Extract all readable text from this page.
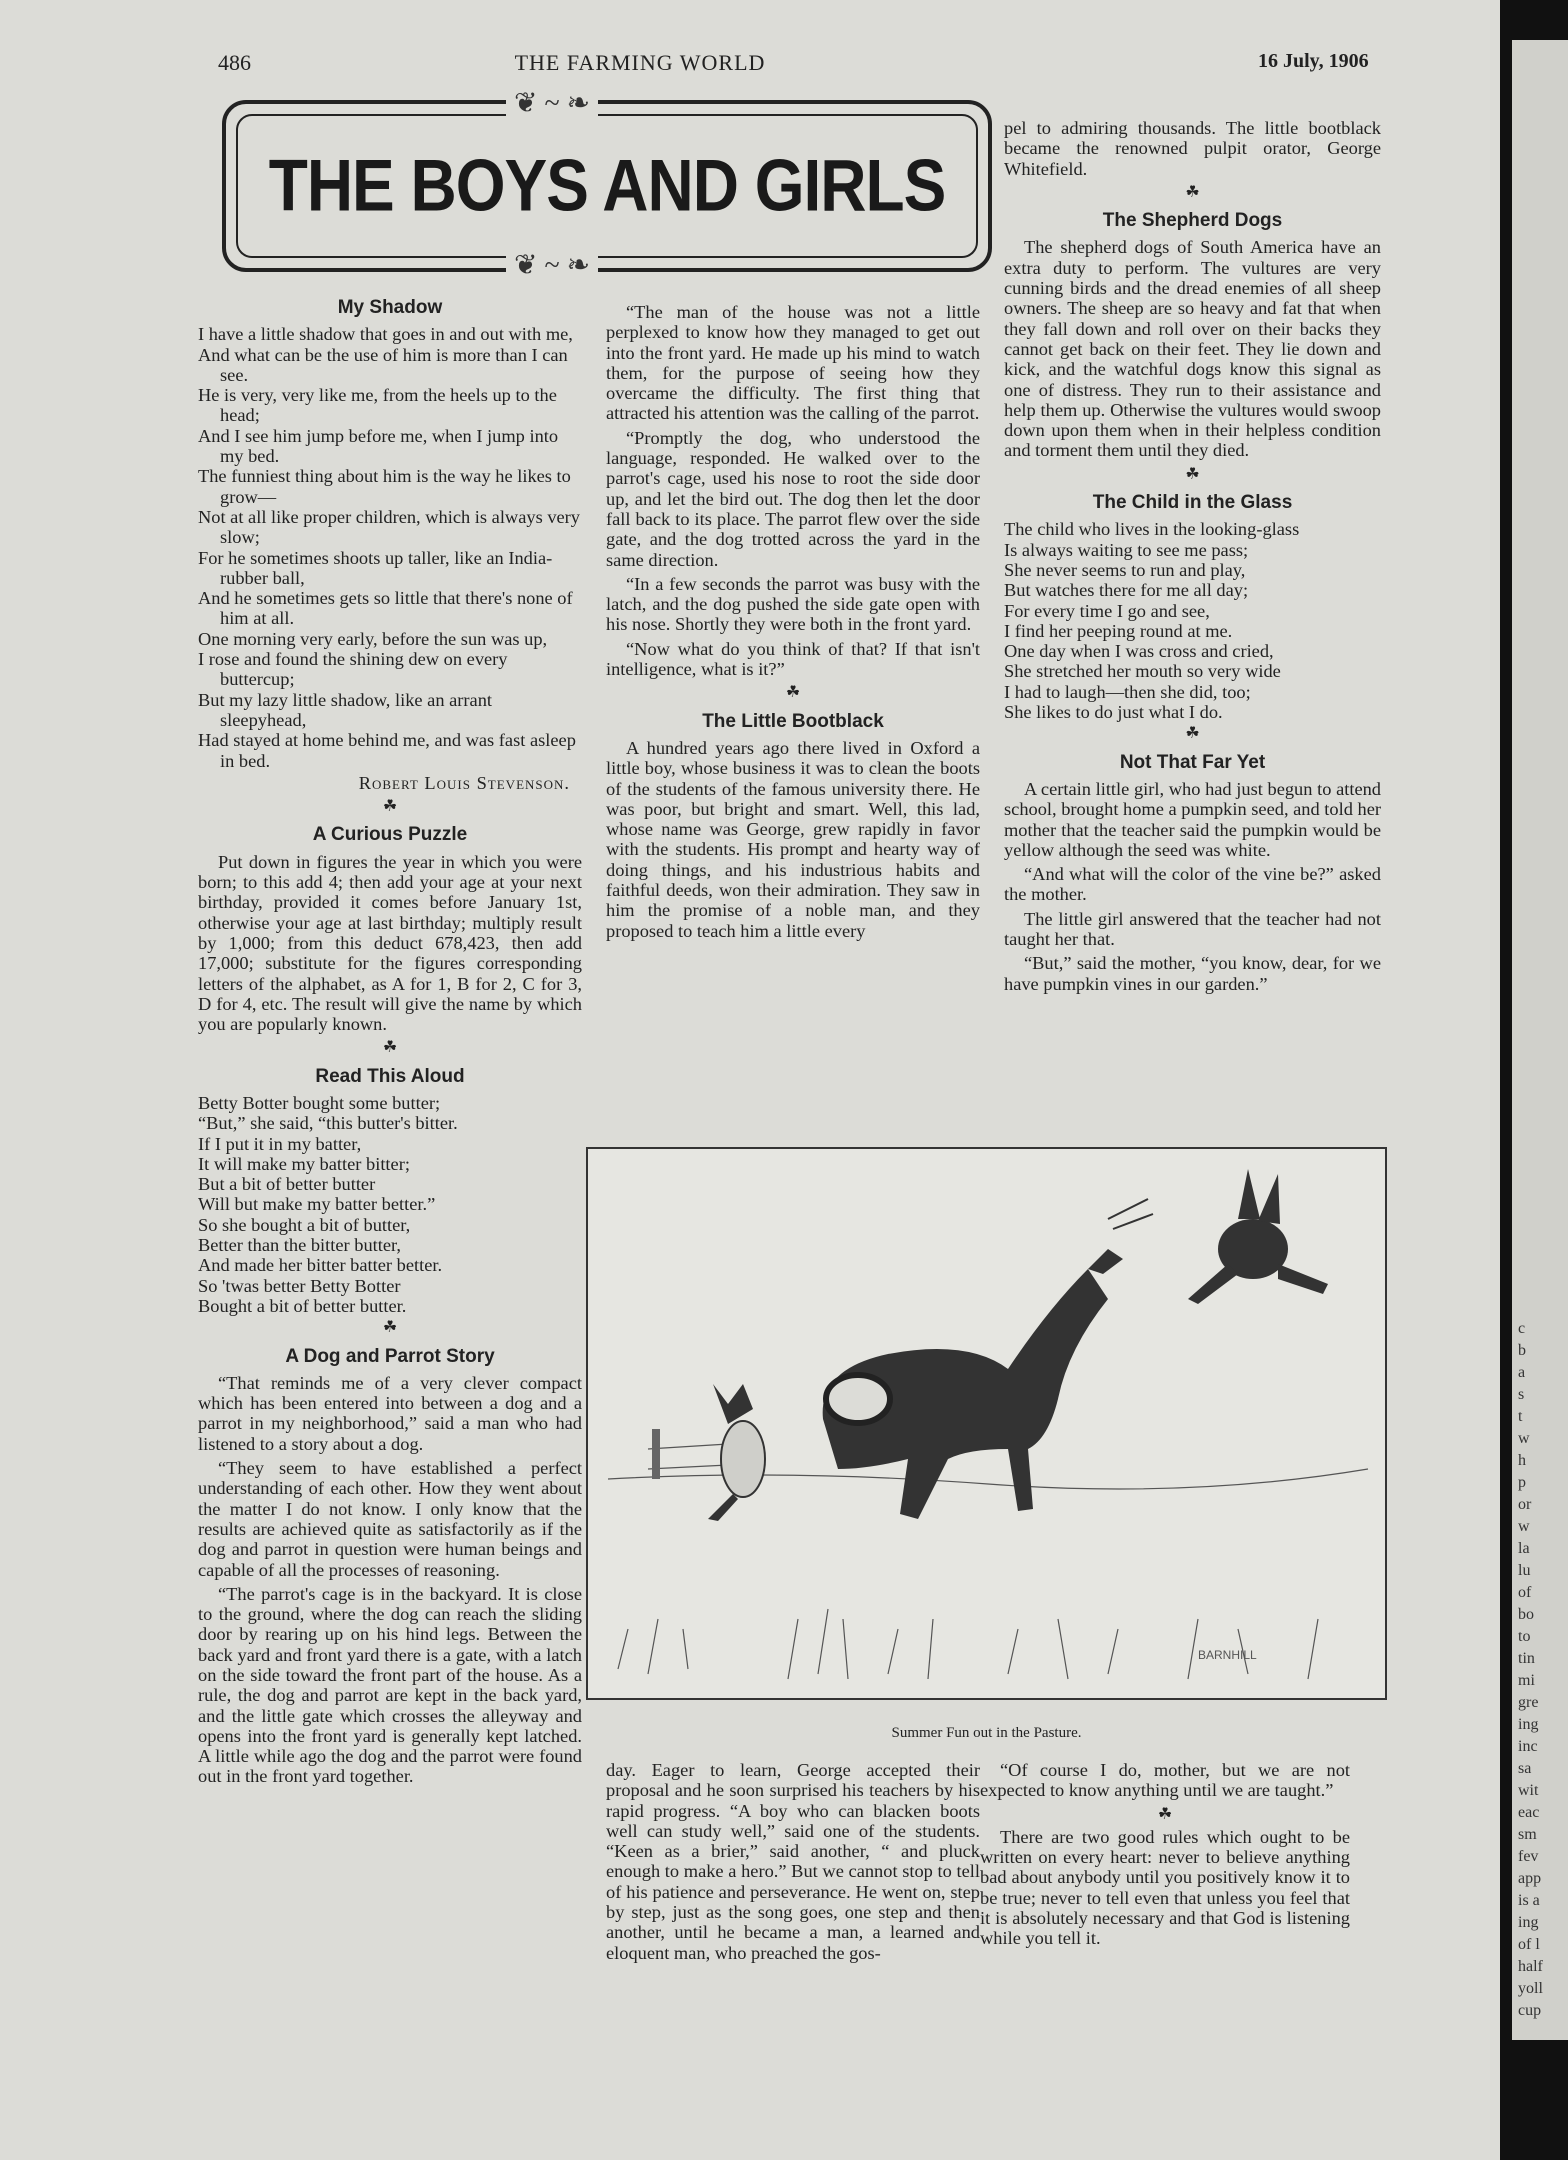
486	THE FARMING WORLD	16 July, 1906
THE BOYS AND GIRLS
❦ ~ ❧
❦ ~ ❧
My Shadow

I have a little shadow that goes in and out with me,

And what can be the use of him is more than I can see.

He is very, very like me, from the heels up to the head;

And I see him jump before me, when I jump into my bed.

The funniest thing about him is the way he likes to grow—

Not at all like proper children, which is always very slow;

For he sometimes shoots up taller, like an India-rubber ball,

And he sometimes gets so little that there's none of him at all.

One morning very early, before the sun was up,

I rose and found the shining dew on every buttercup;

But my lazy little shadow, like an arrant sleepyhead,

Had stayed at home behind me, and was fast asleep in bed.

Robert Louis Stevenson.
☘
A Curious Puzzle

Put down in figures the year in which you were born; to this add 4; then add your age at your next birthday, provided it comes before January 1st, otherwise your age at last birthday; multiply result by 1,000; from this deduct 678,423, then add 17,000; substitute for the figures corresponding letters of the alphabet, as A for 1, B for 2, C for 3, D for 4, etc. The result will give the name by which you are popularly known.

☘
Read This Aloud

Betty Botter bought some butter;

“But,” she said, “this butter's bitter.

If I put it in my batter,

It will make my batter bitter;

But a bit of better butter

Will but make my batter better.”

So she bought a bit of butter,

Better than the bitter butter,

And made her bitter batter better.

So 'twas better Betty Botter

Bought a bit of better butter.

☘
A Dog and Parrot Story

“That reminds me of a very clever compact which has been entered into between a dog and a parrot in my neighborhood,” said a man who had listened to a story about a dog.

“They seem to have established a perfect understanding of each other. How they went about the matter I do not know. I only know that the results are achieved quite as satisfactorily as if the dog and parrot in question were human beings and capable of all the processes of reasoning.

“The parrot's cage is in the backyard. It is close to the ground, where the dog can reach the sliding door by rearing up on his hind legs. Between the back yard and front yard there is a gate, with a latch on the side toward the front part of the house. As a rule, the dog and parrot are kept in the back yard, and the little gate which crosses the alleyway and opens into the front yard is generally kept latched. A little while ago the dog and the parrot were found out in the front yard together.

“The man of the house was not a little perplexed to know how they managed to get out into the front yard. He made up his mind to watch them, for the purpose of seeing how they overcame the difficulty. The first thing that attracted his attention was the calling of the parrot.

“Promptly the dog, who understood the language, responded. He walked over to the parrot's cage, used his nose to root the side door up, and let the bird out. The dog then let the door fall back to its place. The parrot flew over the side gate, and the dog trotted across the yard in the same direction.

“In a few seconds the parrot was busy with the latch, and the dog pushed the side gate open with his nose. Shortly they were both in the front yard.

“Now what do you think of that? If that isn't intelligence, what is it?”

☘
The Little Bootblack

A hundred years ago there lived in Oxford a little boy, whose business it was to clean the boots of the students of the famous university there. He was poor, but bright and smart. Well, this lad, whose name was George, grew rapidly in favor with the students. His prompt and hearty way of doing things, and his industrious habits and faithful deeds, won their admiration. They saw in him the promise of a noble man, and they proposed to teach him a little every

pel to admiring thousands. The little bootblack became the renowned pulpit orator, George Whitefield.

☘
The Shepherd Dogs

The shepherd dogs of South America have an extra duty to perform. The vultures are very cunning birds and the dread enemies of all sheep owners. The sheep are so heavy and fat that when they fall down and roll over on their backs they cannot get back on their feet. They lie down and kick, and the watchful dogs know this signal as one of distress. They run to their assistance and help them up. Otherwise the vultures would swoop down upon them when in their helpless condition and torment them until they died.

☘
The Child in the Glass

The child who lives in the looking-glass

Is always waiting to see me pass;

She never seems to run and play,

But watches there for me all day;

For every time I go and see,

I find her peeping round at me.

One day when I was cross and cried,

She stretched her mouth so very wide

I had to laugh—then she did, too;

She likes to do just what I do.

☘
Not That Far Yet

A certain little girl, who had just begun to attend school, brought home a pumpkin seed, and told her mother that the teacher said the pumpkin would be yellow although the seed was white.

“And what will the color of the vine be?” asked the mother.

The little girl answered that the teacher had not taught her that.

“But,” said the mother, “you know, dear, for we have pumpkin vines in our garden.”

BARNHILL
Summer Fun out in the Pasture.

day. Eager to learn, George accepted their proposal and he soon surprised his teachers by his rapid progress. “A boy who can blacken boots well can study well,” said one of the students. “Keen as a brier,” said another, “ and pluck enough to make a hero.” But we cannot stop to tell of his patience and perseverance. He went on, step by step, just as the song goes, one step and then another, until he became a man, a learned and eloquent man, who preached the gos-

“Of course I do, mother, but we are not expected to know anything until we are taught.”

☘

There are two good rules which ought to be written on every heart: never to believe anything bad about anybody until you positively know it to be true; never to tell even that unless you feel that it is absolutely necessary and that God is listening while you tell it.

c
b
a
s
t
w
h
p
or
w
la
lu
of
bo
to
tin
mi
gre
ing
inc
sa
wit
eac
sm
fev
app
is a
ing
of l
half
yoll
cup
